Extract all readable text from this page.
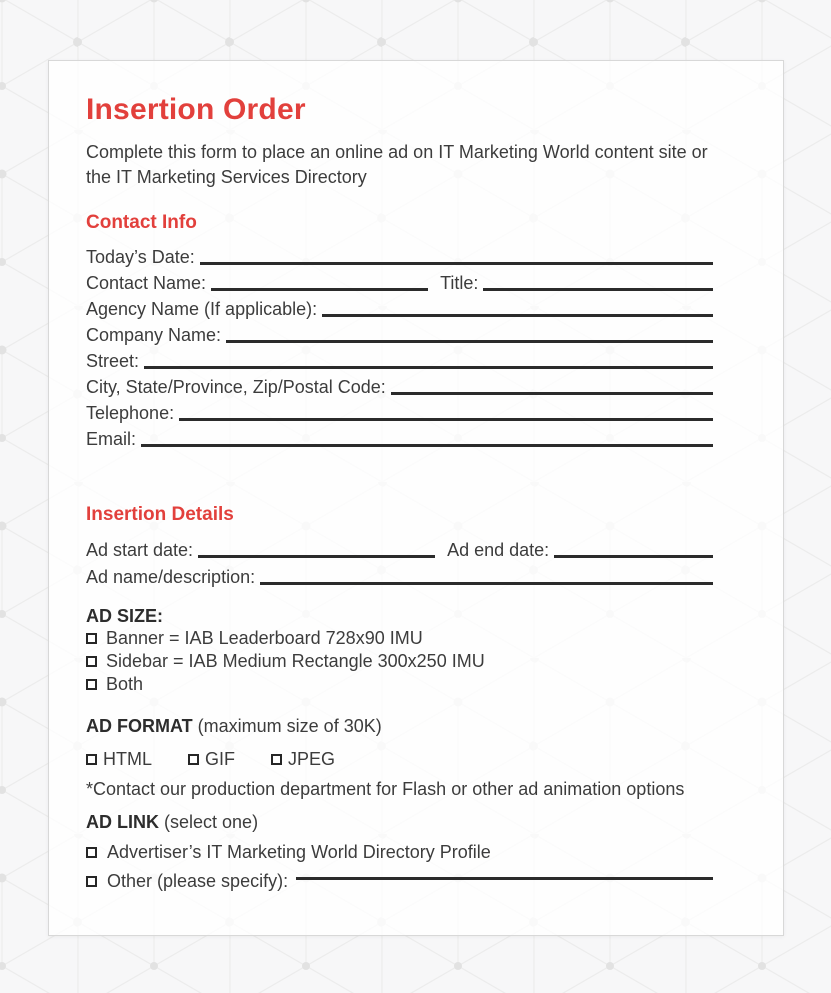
Insertion Order

Complete this form to place an online ad on IT Marketing World content site or the IT Marketing Services Directory

Contact Info
Today’s Date:
Contact Name:	Title:
Agency Name (If applicable):
Company Name:
Street:
City, State/Province, Zip/Postal Code:
Telephone:
Email:
Insertion Details
Ad start date:	Ad end date:
Ad name/description:
AD SIZE:
Banner = IAB Leaderboard 728x90 IMU
Sidebar = IAB Medium Rectangle 300x250 IMU
Both
AD FORMAT (maximum size of 30K)
HTML	GIF	JPEG
*Contact our production department for Flash or other ad animation options
AD LINK (select one)
Advertiser’s IT Marketing World Directory Profile
Other (please specify):
